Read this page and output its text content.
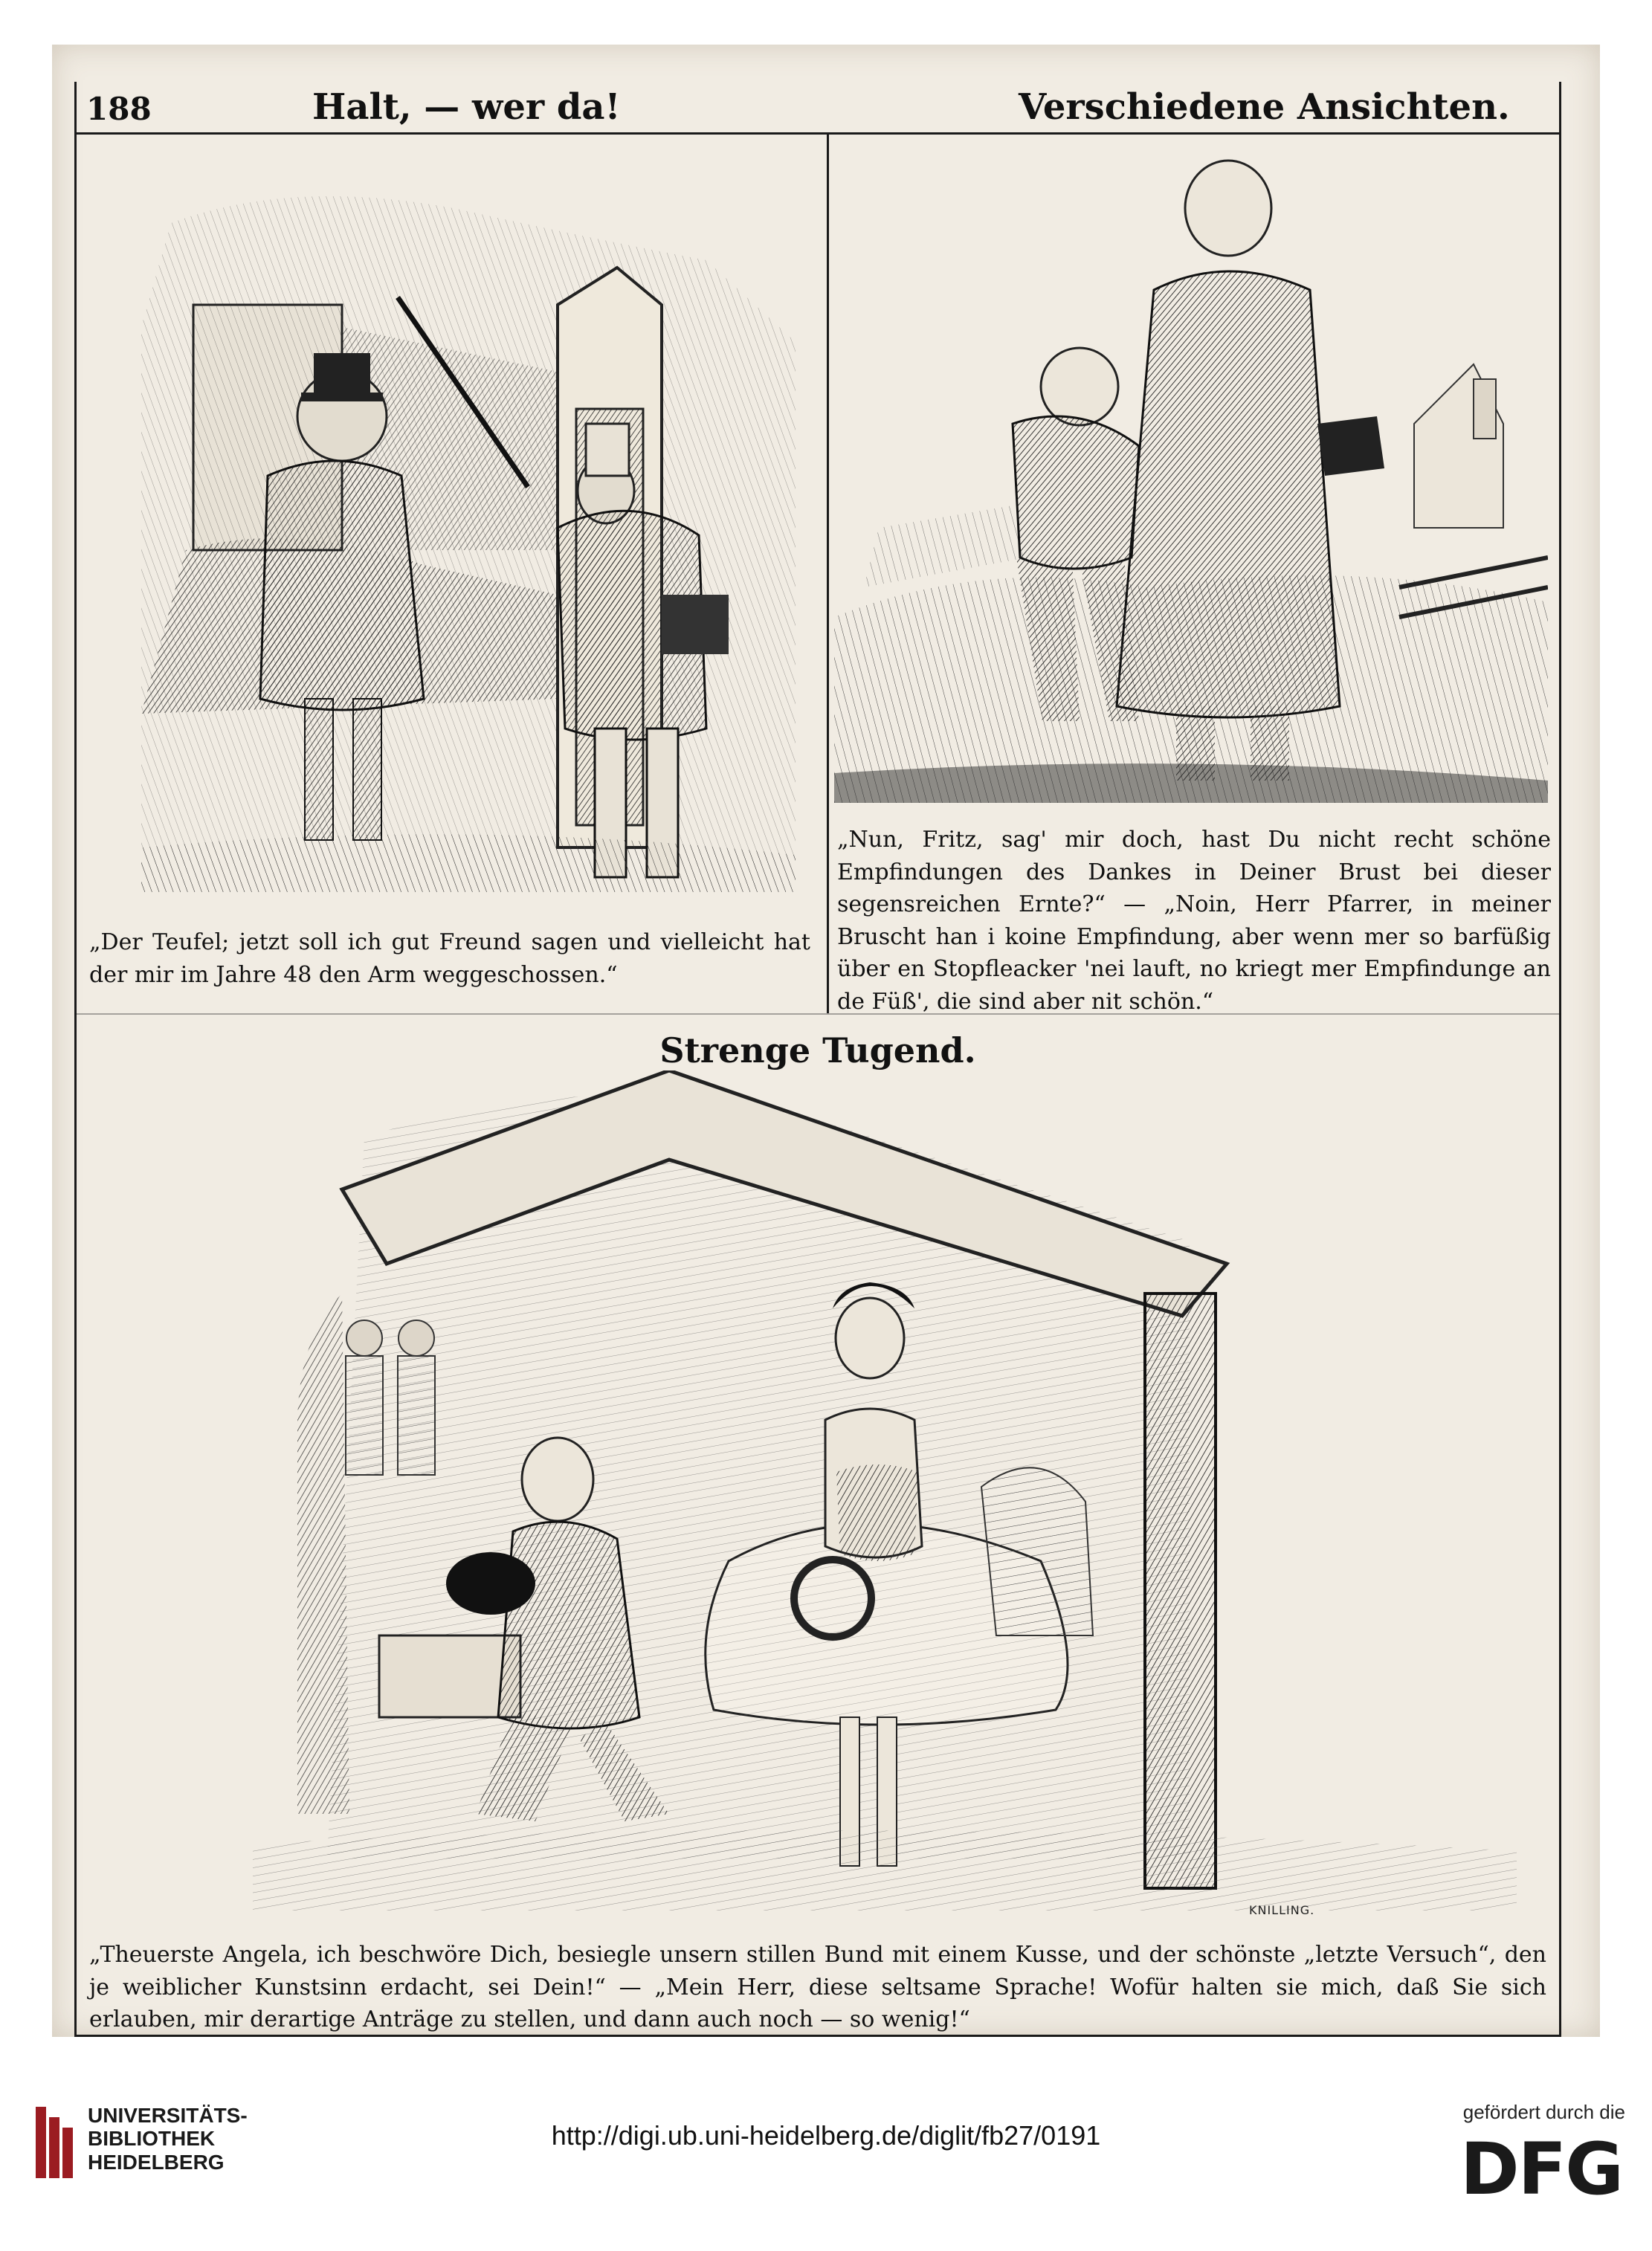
188	Halt, — wer da!	Verschiedene Ansichten.
„Der Teufel; jetzt soll ich gut Freund sagen und vielleicht hat der mir im Jahre 48 den Arm weggeschossen.“
„Nun, Fritz, sag' mir doch, hast Du nicht recht schöne Empfindungen des Dankes in Deiner Brust bei dieser segensreichen Ernte?“ — „Noin, Herr Pfarrer, in meiner Bruscht han i koine Empfindung, aber wenn mer so barfüßig über en Stopfleacker 'nei lauft, no kriegt mer Empfindunge an de Füß', die sind aber nit schön.“
Strenge Tugend.
KNILLING.
„Theuerste Angela, ich beschwöre Dich, besiegle unsern stillen Bund mit einem Kusse, und der schönste „letzte Versuch“, den je weiblicher Kunstsinn erdacht, sei Dein!“ — „Mein Herr, diese seltsame Sprache! Wofür halten sie mich, daß Sie sich erlauben, mir derartige Anträge zu stellen, und dann auch noch — so wenig!“
UNIVERSITÄTS-
BIBLIOTHEK
HEIDELBERG
http://digi.ub.uni-heidelberg.de/diglit/fb27/0191
gefördert durch die
DFG
